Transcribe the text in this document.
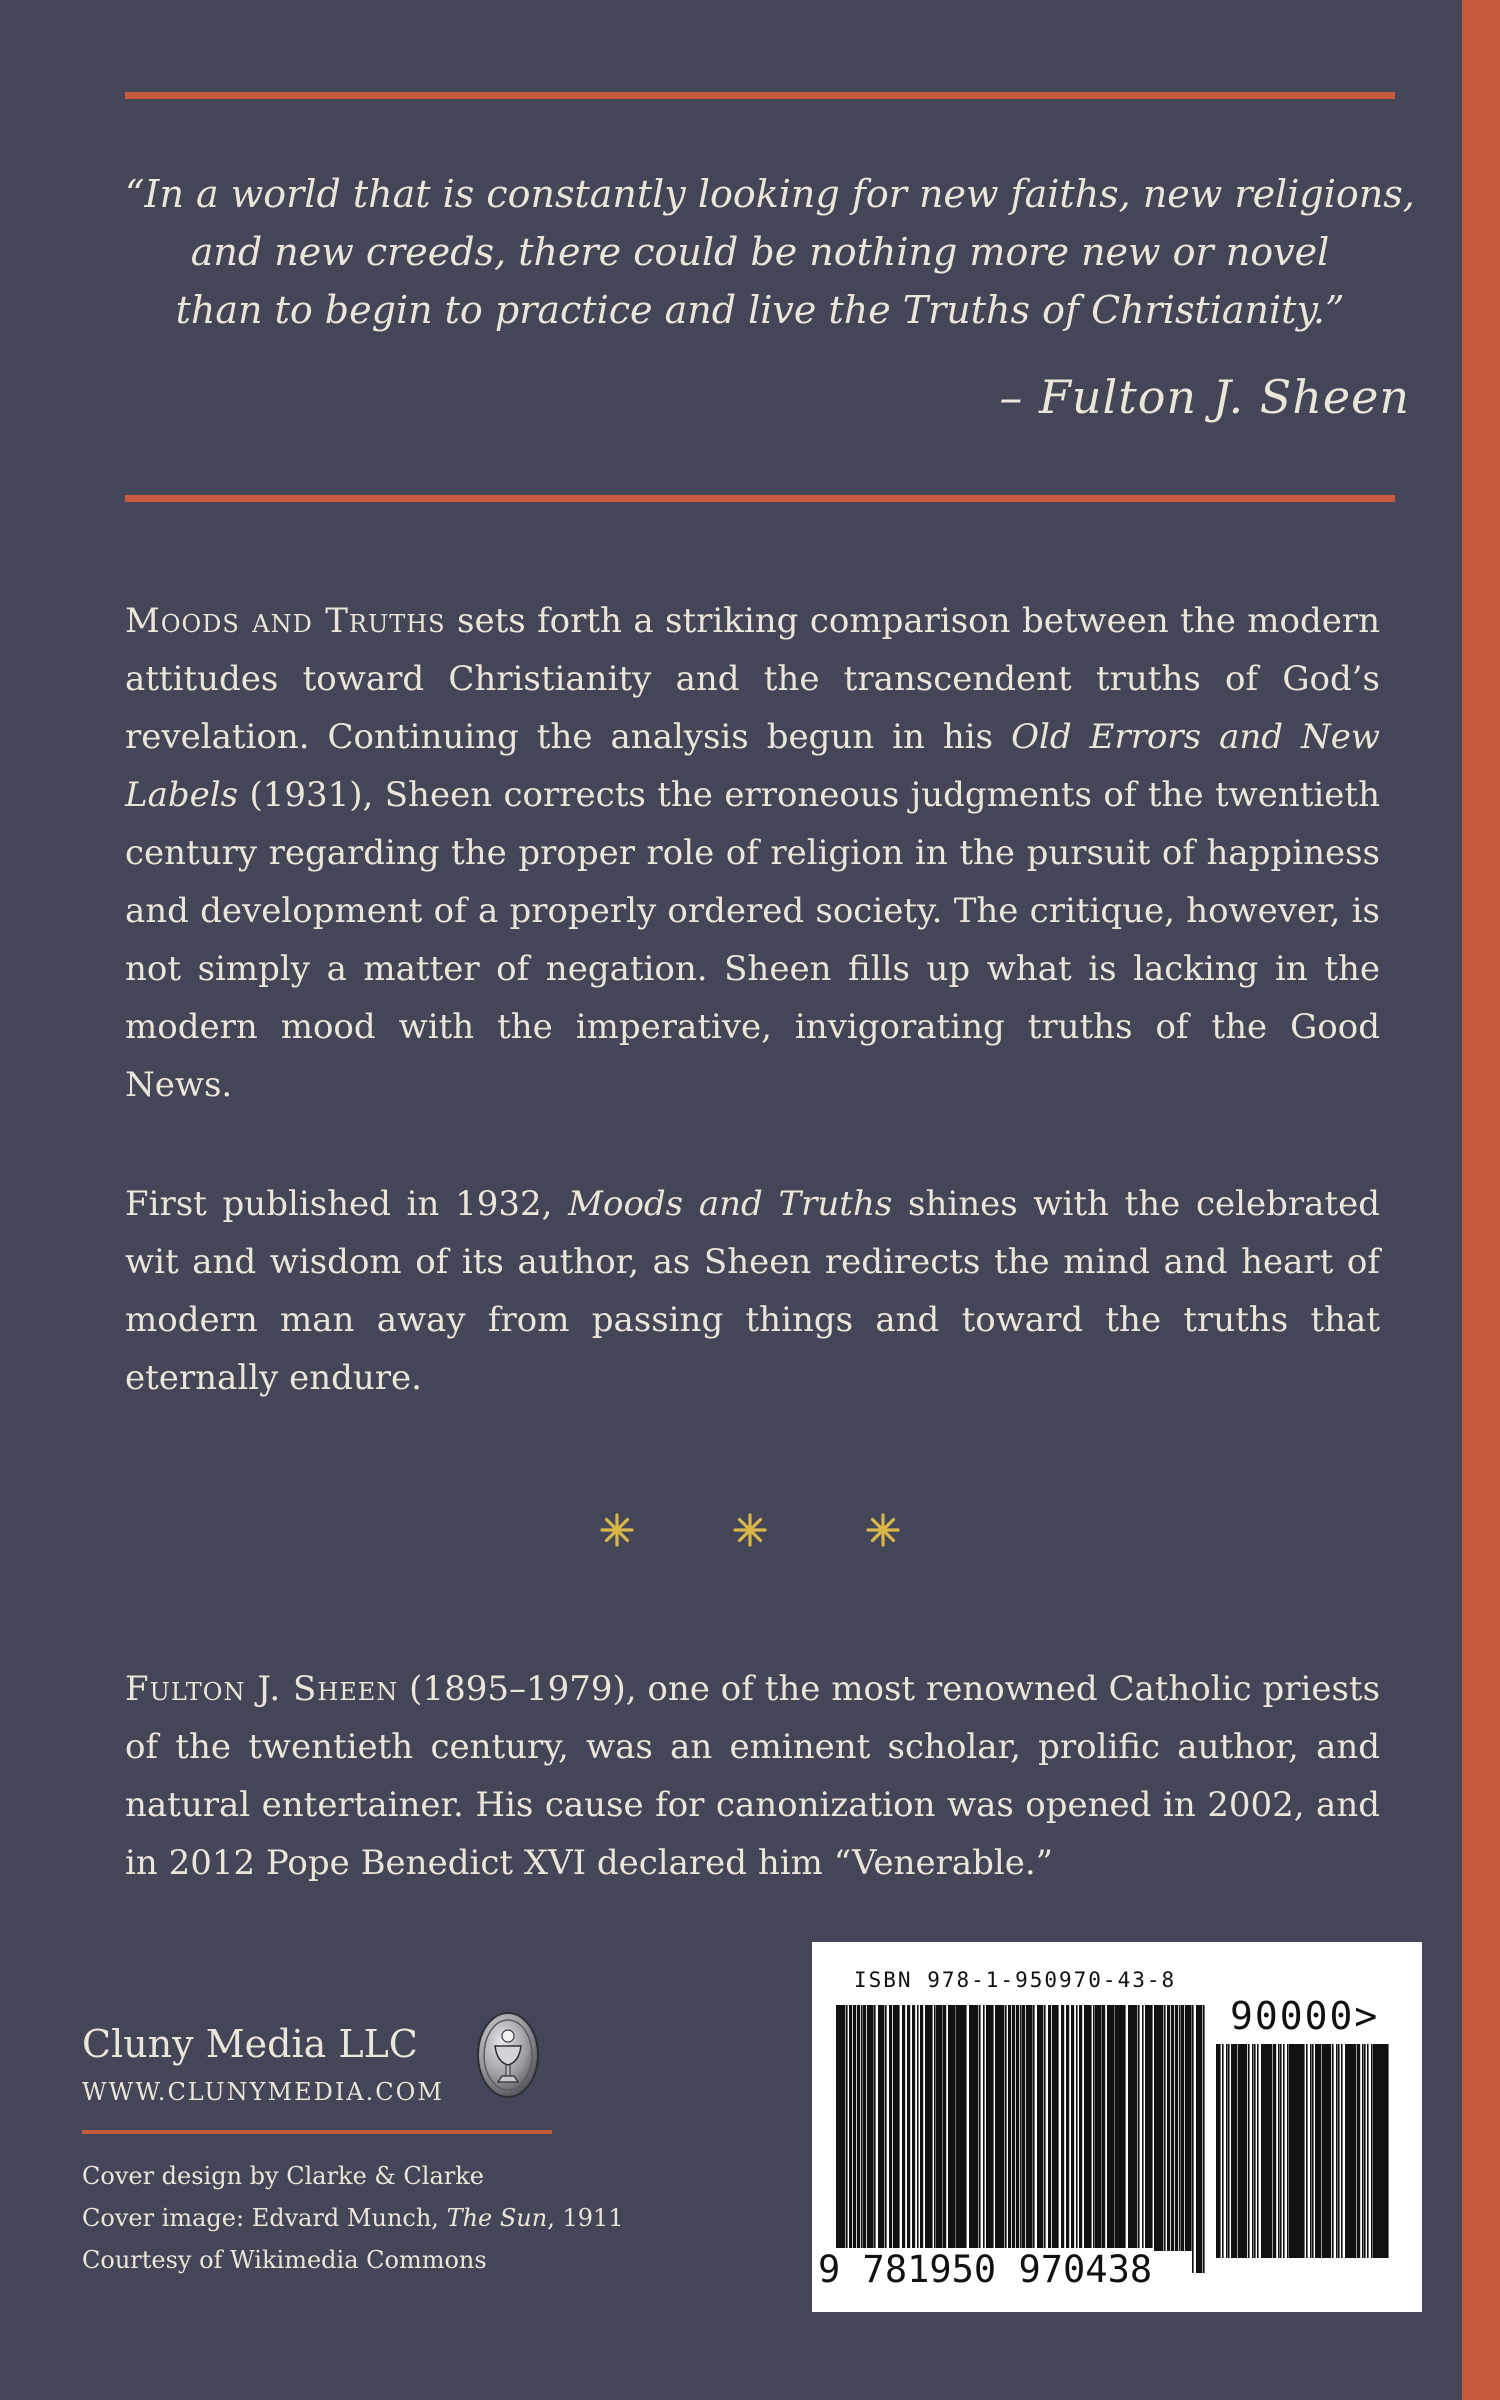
“In a world that is constantly looking for new faiths, new religions,
and new creeds, there could be nothing more new or novel
than to begin to practice and live the Truths of Christianity.”
– Fulton J. Sheen
Moods and Truths sets forth a striking comparison between the modern attitudes toward Christianity and the transcendent truths of God’s revelation. Continuing the analysis begun in his Old Errors and New Labels (1931), Sheen corrects the erroneous judgments of the twentieth century regarding the proper role of religion in the pursuit of happiness and development of a properly ordered society. The critique, however, is not simply a matter of negation. Sheen fills up what is lacking in the modern mood with the imperative, invigorating truths of the Good News.
First published in 1932, Moods and Truths shines with the celebrated wit and wisdom of its author, as Sheen redirects the mind and heart of modern man away from passing things and toward the truths that eternally endure.
Fulton J. Sheen (1895–1979), one of the most renowned Catholic priests of the twentieth century, was an eminent scholar, prolific author, and natural entertainer. His cause for canonization was opened in 2002, and in 2012 Pope Benedict XVI declared him “Venerable.”
Cluny Media LLC
WWW.CLUNYMEDIA.COM
Cover design by Clarke & Clarke
Cover image: Edvard Munch, The Sun, 1911
Courtesy of Wikimedia Commons
ISBN 978-1-950970-43-8
90000>
9 781950 970438
